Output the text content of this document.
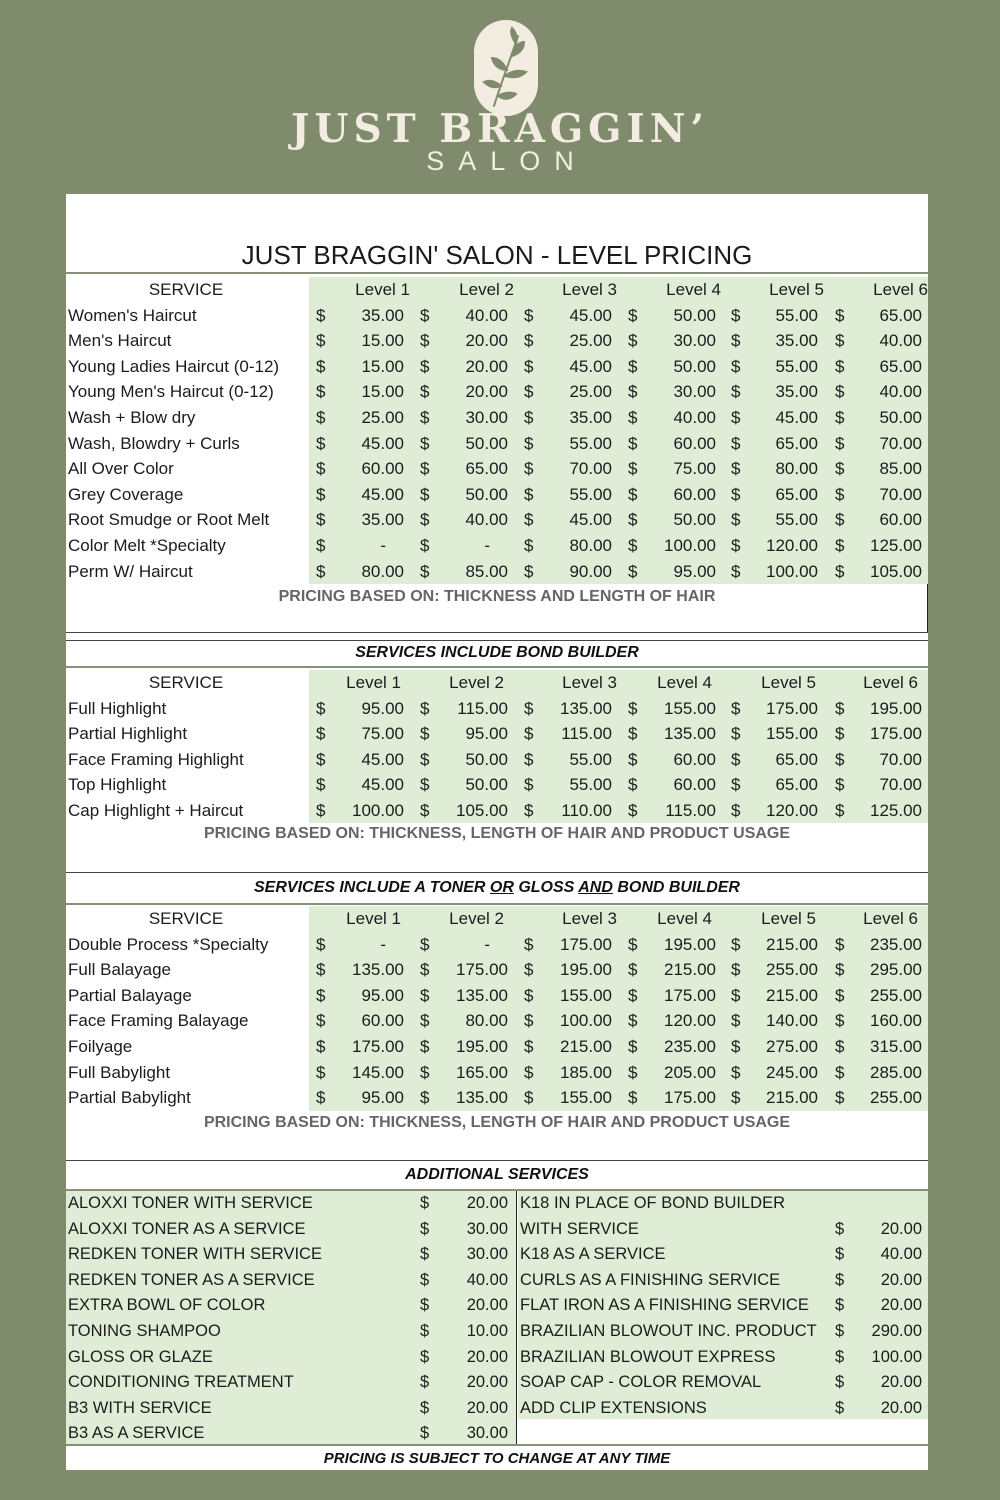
JUST BRAGGIN’
SALON
JUST BRAGGIN' SALON - LEVEL PRICING
SERVICE	Level 1	Level 2	Level 3	Level 4	Level 5	Level 6
Women's Haircut	$	35.00 $	40.00 $	45.00 $	50.00 $	55.00 $	65.00
Men's Haircut	$	15.00 $	20.00 $	25.00 $	30.00 $	35.00 $	40.00
Young Ladies Haircut (0-12)	$	15.00 $	20.00 $	45.00 $	50.00 $	55.00 $	65.00
Young Men's Haircut (0-12)	$	15.00 $	20.00 $	25.00 $	30.00 $	35.00 $	40.00
Wash + Blow dry	$	25.00 $	30.00 $	35.00 $	40.00 $	45.00 $	50.00
Wash, Blowdry + Curls	$	45.00 $	50.00 $	55.00 $	60.00 $	65.00 $	70.00
All Over Color	$	60.00 $	65.00 $	70.00 $	75.00 $	80.00 $	85.00
Grey Coverage	$	45.00 $	50.00 $	55.00 $	60.00 $	65.00 $	70.00
Root Smudge or Root Melt	$	35.00 $	40.00 $	45.00 $	50.00 $	55.00 $	60.00
Color Melt *Specialty	$	- $	- $	80.00 $	100.00 $	120.00 $	125.00
Perm W/ Haircut	$	80.00 $	85.00 $	90.00 $	95.00 $	100.00 $	105.00
PRICING BASED ON: THICKNESS AND LENGTH OF HAIR
SERVICES INCLUDE BOND BUILDER
SERVICE	Level 1	Level 2	Level 3	Level 4	Level 5	Level 6
Full Highlight	$	95.00 $	115.00 $	135.00 $	155.00 $	175.00 $	195.00
Partial Highlight	$	75.00 $	95.00 $	115.00 $	135.00 $	155.00 $	175.00
Face Framing Highlight	$	45.00 $	50.00 $	55.00 $	60.00 $	65.00 $	70.00
Top Highlight	$	45.00 $	50.00 $	55.00 $	60.00 $	65.00 $	70.00
Cap Highlight + Haircut	$	100.00 $	105.00 $	110.00 $	115.00 $	120.00 $	125.00
PRICING BASED ON: THICKNESS, LENGTH OF HAIR AND PRODUCT USAGE
SERVICES INCLUDE A TONER OR GLOSS AND BOND BUILDER
SERVICE	Level 1	Level 2	Level 3	Level 4	Level 5	Level 6
Double Process *Specialty	$	- $	- $	175.00 $	195.00 $	215.00 $	235.00
Full Balayage	$	135.00 $	175.00 $	195.00 $	215.00 $	255.00 $	295.00
Partial Balayage	$	95.00 $	135.00 $	155.00 $	175.00 $	215.00 $	255.00
Face Framing Balayage	$	60.00 $	80.00 $	100.00 $	120.00 $	140.00 $	160.00
Foilyage	$	175.00 $	195.00 $	215.00 $	235.00 $	275.00 $	315.00
Full Babylight	$	145.00 $	165.00 $	185.00 $	205.00 $	245.00 $	285.00
Partial Babylight	$	95.00 $	135.00 $	155.00 $	175.00 $	215.00 $	255.00
PRICING BASED ON: THICKNESS, LENGTH OF HAIR AND PRODUCT USAGE
ADDITIONAL SERVICES
ALOXXI TONER WITH SERVICE	$	20.00
ALOXXI TONER AS A SERVICE	$	30.00
REDKEN TONER WITH SERVICE	$	30.00
REDKEN TONER AS A SERVICE	$	40.00
EXTRA BOWL OF COLOR	$	20.00
TONING SHAMPOO	$	10.00
GLOSS OR GLAZE	$	20.00
CONDITIONING TREATMENT	$	20.00
B3 WITH SERVICE	$	20.00
B3 AS A SERVICE	$	30.00
K18 IN PLACE OF BOND BUILDER
WITH SERVICE	$	20.00
K18 AS A SERVICE	$	40.00
CURLS AS A FINISHING SERVICE	$	20.00
FLAT IRON AS A FINISHING SERVICE $	20.00
BRAZILIAN BLOWOUT INC. PRODUCT $	290.00
BRAZILIAN BLOWOUT EXPRESS	$	100.00
SOAP CAP - COLOR REMOVAL	$	20.00
ADD CLIP EXTENSIONS	$	20.00
PRICING IS SUBJECT TO CHANGE AT ANY TIME
